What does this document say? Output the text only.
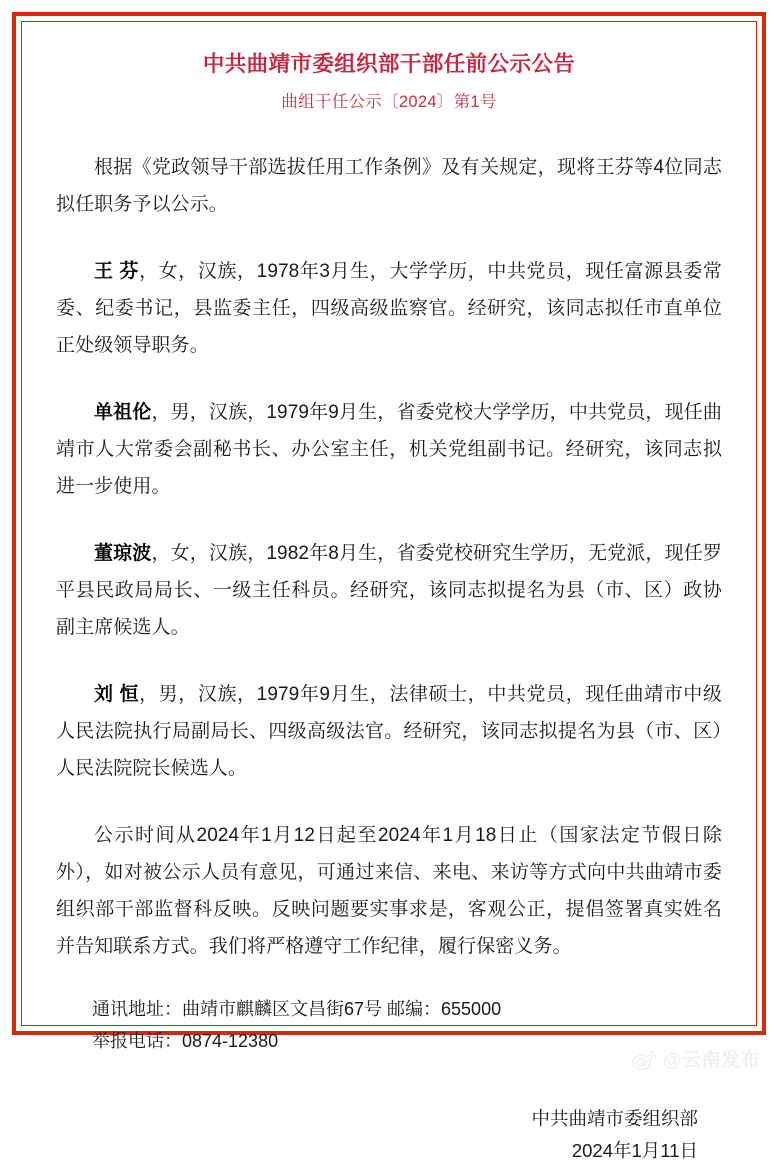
中共曲靖市委组织部干部任前公示公告
曲组干任公示〔2024〕第1号

根据《党政领导干部选拔任用工作条例》及有关规定，现将王芬等4位同志拟任职务予以公示。

王 芬，女，汉族，1978年3月生，大学学历，中共党员，现任富源县委常委、纪委书记，县监委主任，四级高级监察官。经研究，该同志拟任市直单位正处级领导职务。

单祖伦，男，汉族，1979年9月生，省委党校大学学历，中共党员，现任曲靖市人大常委会副秘书长、办公室主任，机关党组副书记。经研究，该同志拟进一步使用。

董琼波，女，汉族，1982年8月生，省委党校研究生学历，无党派，现任罗平县民政局局长、一级主任科员。经研究，该同志拟提名为县（市、区）政协副主席候选人。

刘 恒，男，汉族，1979年9月生，法律硕士，中共党员，现任曲靖市中级人民法院执行局副局长、四级高级法官。经研究，该同志拟提名为县（市、区）人民法院院长候选人。

公示时间从2024年1月12日起至2024年1月18日止（国家法定节假日除外），如对被公示人员有意见，可通过来信、来电、来访等方式向中共曲靖市委组织部干部监督科反映。反映问题要实事求是，客观公正，提倡签署真实姓名并告知联系方式。我们将严格遵守工作纪律，履行保密义务。

通讯地址：曲靖市麒麟区文昌街67号 邮编：655000
举报电话：0874-12380
中共曲靖市委组织部
2024年1月11日
@云南发布
